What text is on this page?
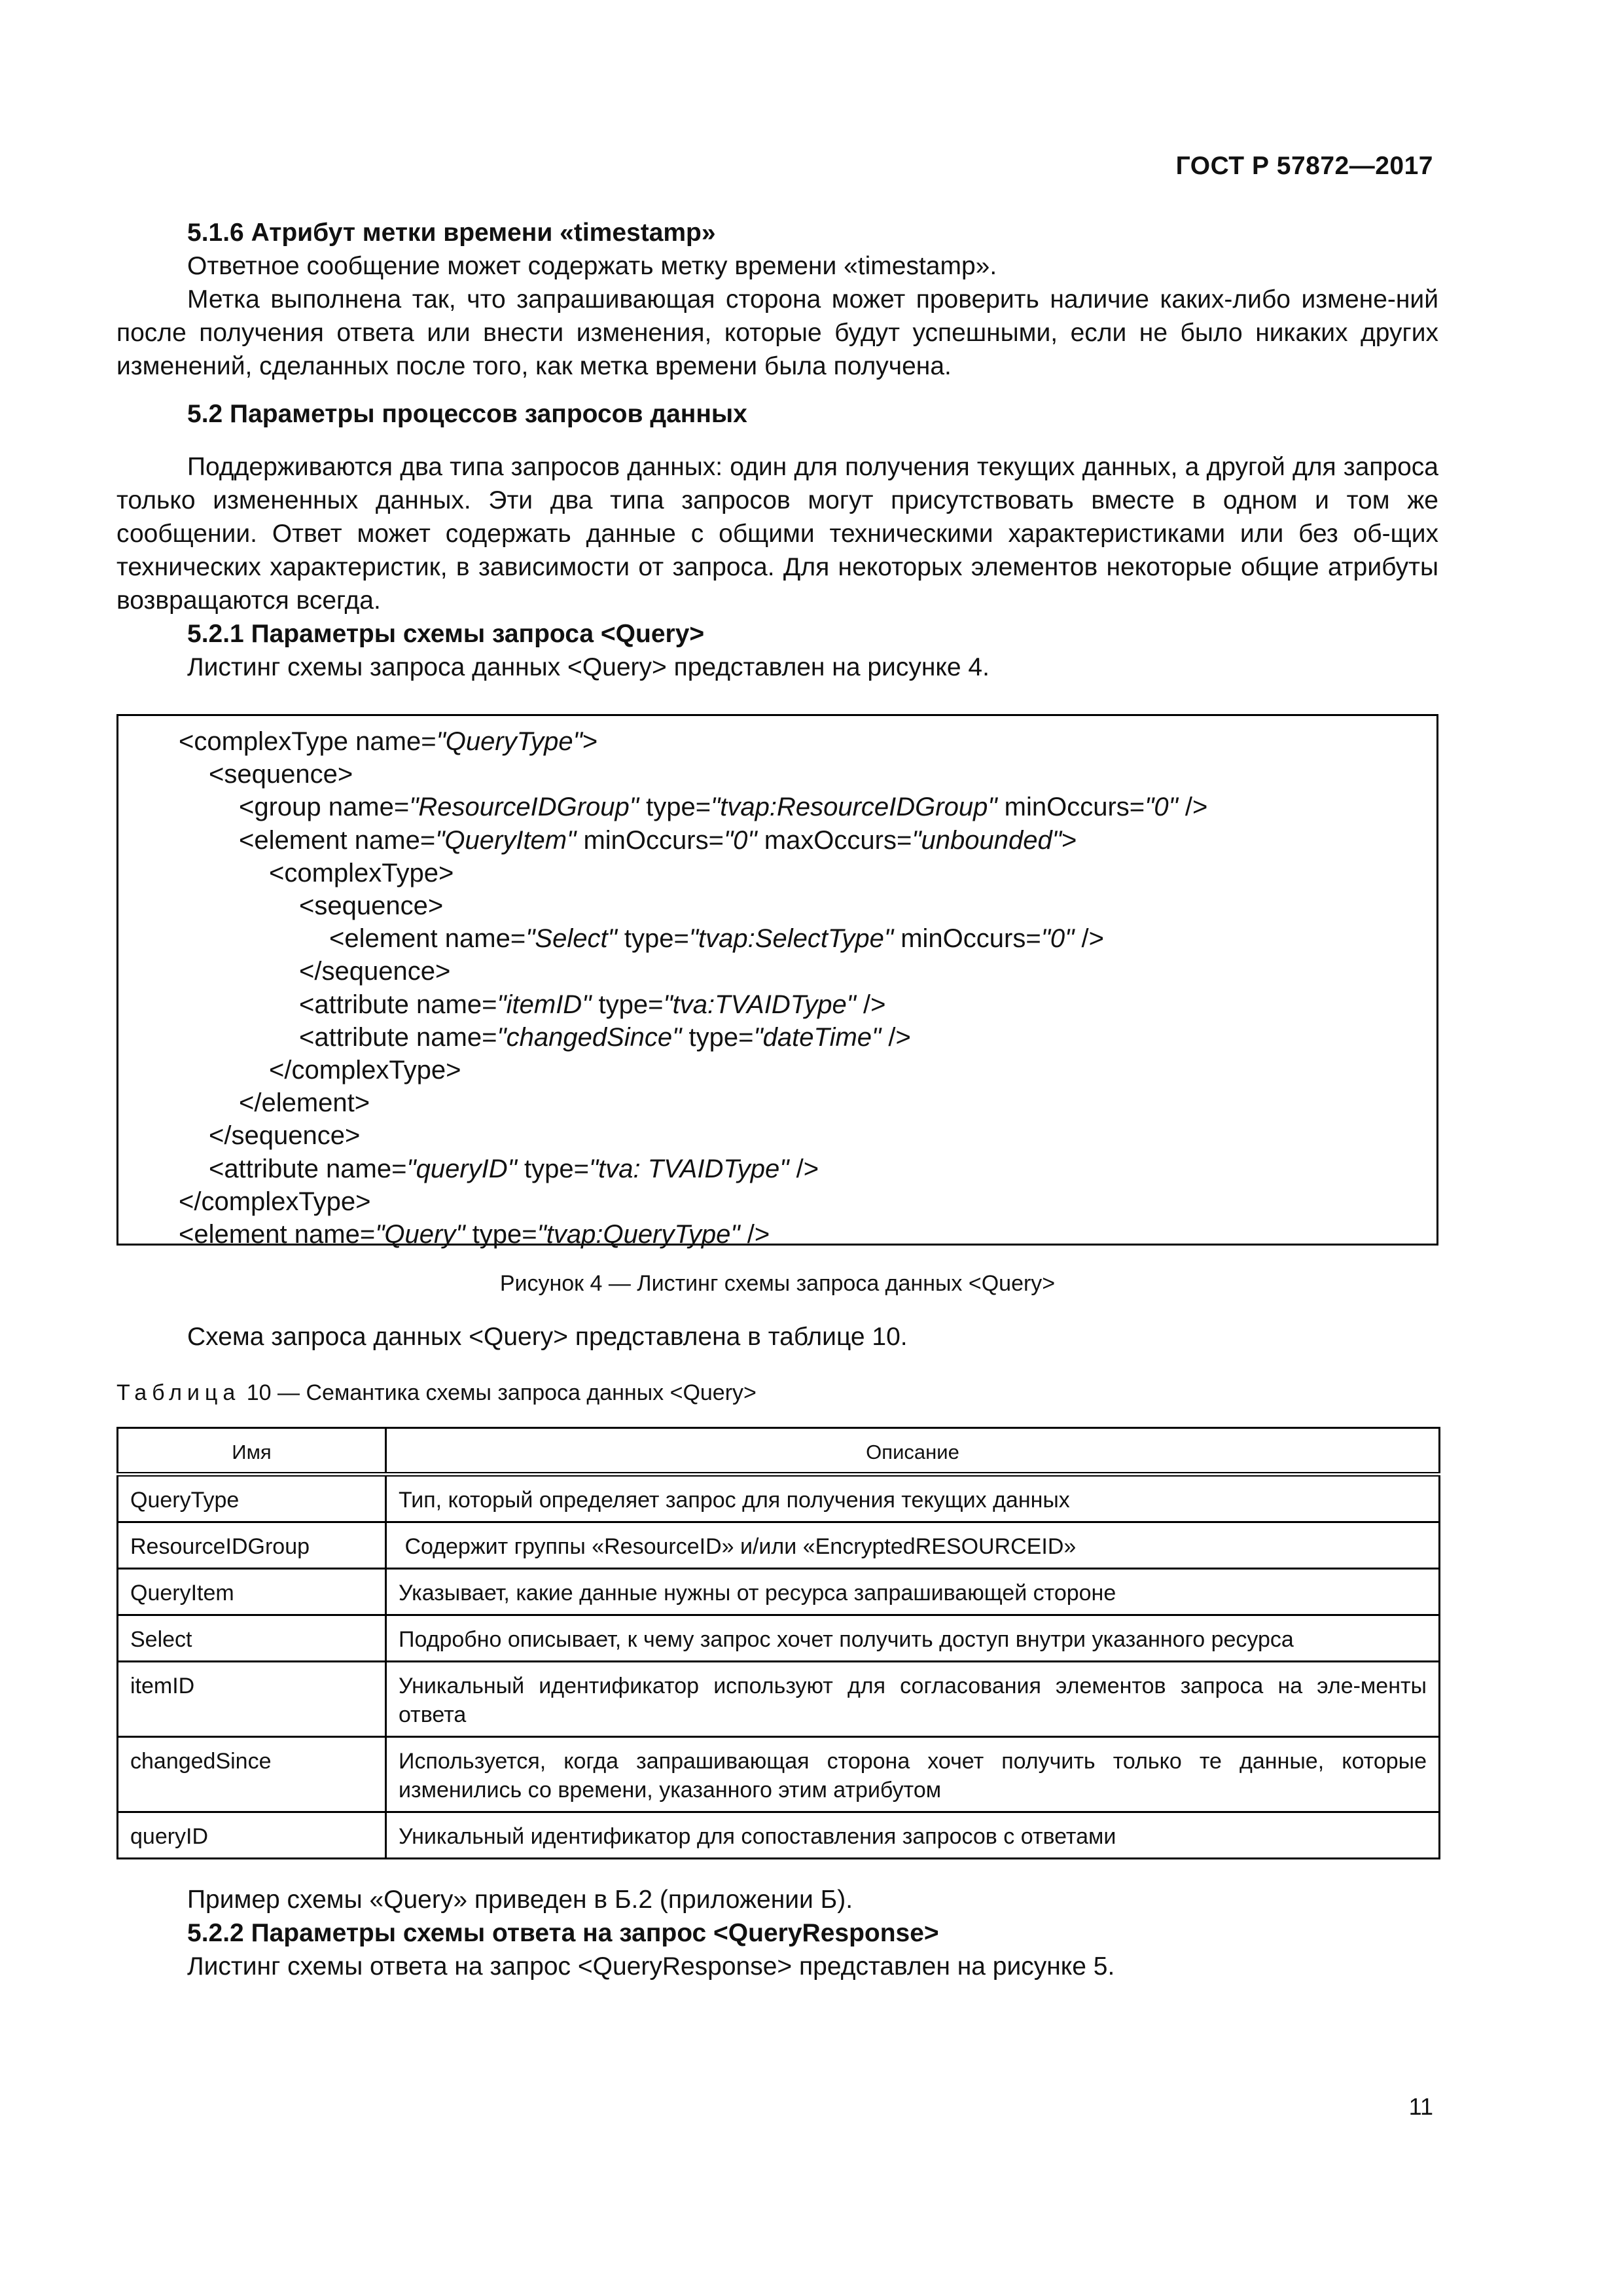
ГОСТ Р 57872—2017

5.1.6 Атрибут метки времени «timestamp»

Ответное сообщение может содержать метку времени «timestamp».

Метка выполнена так, что запрашивающая сторона может проверить наличие каких-либо измене-ний после получения ответа или внести изменения, которые будут успешными, если не было никаких других изменений, сделанных после того, как метка времени была получена.

5.2 Параметры процессов запросов данных

Поддерживаются два типа запросов данных: один для получения текущих данных, а другой для запроса только измененных данных. Эти два типа запросов могут присутствовать вместе в одном и том же сообщении. Ответ может содержать данные с общими техническими характеристиками или без об-щих технических характеристик, в зависимости от запроса. Для некоторых элементов некоторые общие атрибуты возвращаются всегда.

5.2.1 Параметры схемы запроса <Query>

Листинг схемы запроса данных <Query> представлен на рисунке 4.

<complexType name="QueryType">
<sequence>
<group name="ResourceIDGroup" type="tvap:ResourceIDGroup" minOccurs="0" />
<element name="QueryItem" minOccurs="0" maxOccurs="unbounded">
<complexType>
<sequence>
<element name="Select" type="tvap:SelectType" minOccurs="0" />
</sequence>
<attribute name="itemID" type="tva:TVAIDType" />
<attribute name="changedSince" type="dateTime" />
</complexType>
</element>
</sequence>
<attribute name="queryID" type="tva: TVAIDType" />
</complexType>
<element name="Query" type="tvap:QueryType" />
Рисунок 4 — Листинг схемы запроса данных <Query>

Схема запроса данных <Query> представлена в таблице 10.

Таблица 10 — Семантика схемы запроса данных <Query>
Имя	Описание
QueryType	Тип, который определяет запрос для получения текущих данных
ResourceIDGroup	Содержит группы «ResourceID» и/или «EncryptedRESOURCEID»
QueryItem	Указывает, какие данные нужны от ресурса запрашивающей стороне
Select	Подробно описывает, к чему запрос хочет получить доступ внутри указанного ресурса
itemID	Уникальный идентификатор используют для согласования элементов запроса на эле-менты ответа
changedSince	Используется, когда запрашивающая сторона хочет получить только те данные, которые изменились со времени, указанного этим атрибутом
queryID	Уникальный идентификатор для сопоставления запросов с ответами

Пример схемы «Query» приведен в Б.2 (приложении Б).

5.2.2 Параметры схемы ответа на запрос <QueryResponse>

Листинг схемы ответа на запрос <QueryResponse> представлен на рисунке 5.

11
